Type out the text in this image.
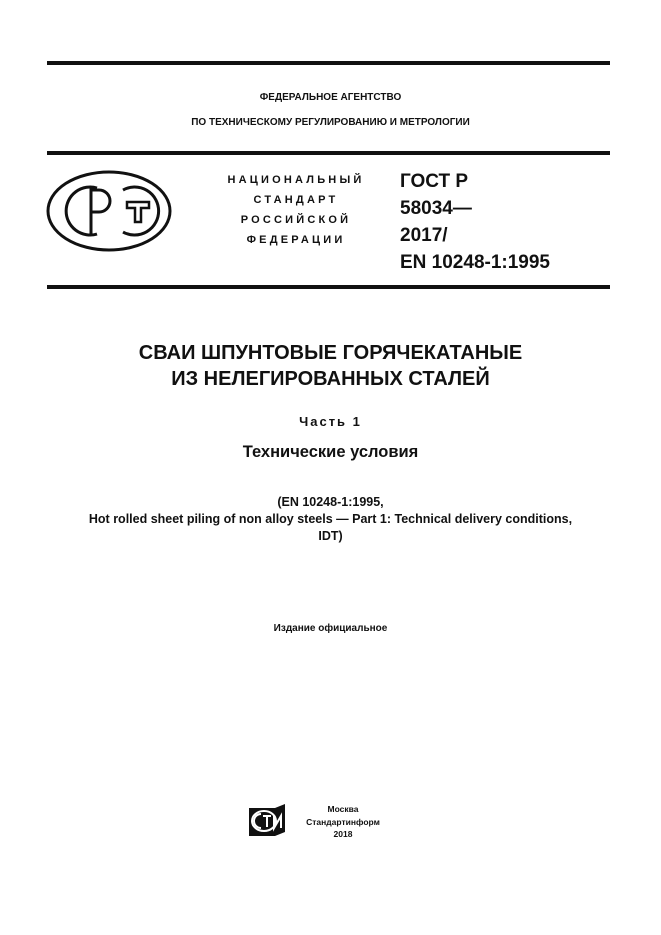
ФЕДЕРАЛЬНОЕ АГЕНТСТВО
ПО ТЕХНИЧЕСКОМУ РЕГУЛИРОВАНИЮ И МЕТРОЛОГИИ
НАЦИОНАЛЬНЫЙ
СТАНДАРТ
РОССИЙСКОЙ
ФЕДЕРАЦИИ
ГОСТ Р
58034—
2017/
EN 10248-1:1995
СВАИ ШПУНТОВЫЕ ГОРЯЧЕКАТАНЫЕ
ИЗ НЕЛЕГИРОВАННЫХ СТАЛЕЙ
Часть 1
Технические условия
(EN 10248-1:1995,
Hot rolled sheet piling of non alloy steels — Part 1: Technical delivery conditions,
IDT)
Издание официальное
Москва
Стандартинформ
2018
